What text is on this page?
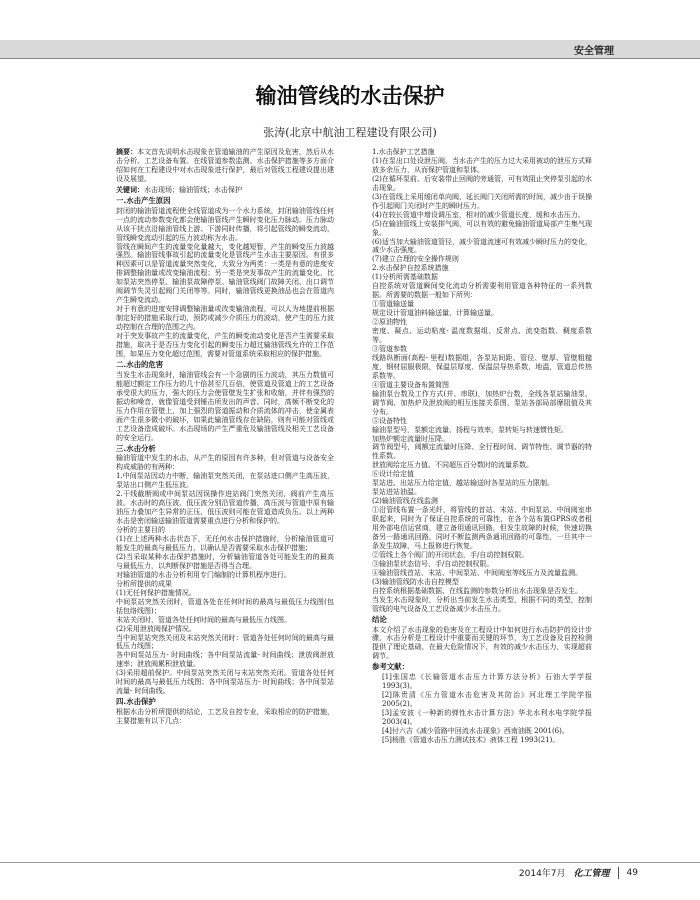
安全管理
输油管线的水击保护
张涛(北京中航油工程建设有限公司)

摘要：本文首先说明水击现象在管道输油的产生原因及危害，然后从水击分析、工艺设备布置、在线管道参数监测、水击保护措施等多方面介绍如何在工程建设中对水击现象进行保护，最后对管线工程建设提出建设及展望。

关键词：水击现场；输油管线；水击保护

一.水击产生原因

封闭的输油管道流程使全线管道成为一个水力系统，封闭输油管线任何一点的流动参数变化都会使输油管线产生瞬时变化压力脉动。压力脉动从该干扰点沿输油管线上游、下游同时传播，将引起管线的瞬变流动，管线瞬变流动引起的压力波动称为水击。

管线在瞬间产生的流量变化量越大，变化越短暂，产生的瞬变压力波越强烈。输油管线事故引起的流量变化是管线产生水击主要原因。有很多种因素可以是管道流量突然变化，大致分为两类：一类是有意的进度安排调整输油量或改变输油流程；另一类是突发事故产生的流量变化，比如泵站突然停泵、输油泵故障停泵、输油管线阀门故障关闭、出口调节阀调节失灵引起阀门关闭等等。同时，输油管线更换油品也会在管道内产生瞬变流动。

对于有意的进度安排调整输油量或改变输油流程，可以人为地提前根据制定好的措施采取行动，预防或减少介质压力的波动，使产生的压力波动控制在合理的范围之内。

对于突发事故产生的流量变化，产生的瞬变流动变化是否产生需要采取措施，取决于是否压力变化引起的瞬变压力超过输油管线允许的工作范围，如果压力变化超过范围，需要对管道系统采取相应的保护措施。

二.水击的危害

当发生水击现象时，输油管线会有一个急剧的压力波动，其压力数值可能超过额定工作压力的几十倍甚至几百倍，使管道及管道上的工艺设备承受很大的压力，强大的压力会使管壁发生扩张和收缩，并伴有强烈的振动和噪音，就像管道受到锤击所发出的声音。同时，高频不断变化的压力作用在管壁上，加上强烈的管道振动和介质流体的冲击，使金属表面产生很多微小的破坏，如果此输油管线存在缺陷，则有可能对管线或工艺设备造成破坏。水击现场的产生严重危及输油管线及相关工艺设备的安全运行。

三.水击分析

输油管道中发生的水击，从产生的原因有许多种，但对管道与设备安全构成威胁的有两种：

1.中间泵站因动力中断，输油泵突然关闭，在泵站进口侧产生高压波，泵站出口侧产生低压波。

2.干线截断阀或中间泵站因误操作进站阀门突然关闭，阀前产生高压波。水击时的高压波、低压波分别沿管道传播，高压波与管道中原有输油压力叠加产生异常的正压，低压波则可能在管道造成负压。以上两种水击是密闭输送输油管道需要重点进行分析和保护的。

分析的主要目的

(1)在上述两种水击状态下，无任何水击保护措施时，分析输油管道可能发生的最高与最低压力，以确认是否需要采取水击保护措施；

(2)当采取某种水击保护措施时，分析输油管道各处可能发生的的最高与最低压力，以判断保护措施是否得当合理。

对输油管道的水击分析利用专门编制的计算机程序进行。

分析所提供的成果

(1)无任何保护措施情况。

中间泵站突然关闭时，管道各处在任何时间的最高与最低压力线图(包括包络线图)；

末站关闭时，管道各处任何时间的最高与最低压力线图。

(2)采用泄放阀保护情况。

当中间泵站突然关闭及末站突然关闭时：管道各处任何时间的最高与最低压力线图；

各中间泵站压力- 时间曲线；各中间泵站流量- 时间曲线；泄放阀泄放速率；泄放阀累积泄放量。

(3)采用超前保护。中间泵站突然关闭与末站突然关闭。管道各处任何时间的最高与最低压力线图；各中间泵站压力- 时间曲线；各中间泵站流量- 时间曲线。

四.水击保护

根据水击分析所提供的结论，工艺及自控专业，采取相应的防护措施，主要措施有以下几点：

1.水击保护工艺措施

(1)在泵出口处设泄压阀，当水击产生的压力过大采用被动的泄压方式释放多余压力，从而保护管道和泵体。

(2)在循环泵前、后安装带止回阀的旁通管，可有效阻止突停泵引起的水击现象。

(3)在管线上采用缓闭单向阀，延长阀门关闭所需的时间，减少由于误操作引起阀门关闭时产生的瞬时压力。

(4)在较长管道中增设调压室，相对的减少管道长度，缓和水击压力。

(5)在输油管线上安装排气阀，可以有效的避免输油管道局部产生集气现象。

(6)适当加大输油管道管径，减少管道流速可有效减少瞬时压力的变化，减少水击强度。

(7)建立合理的安全操作规则

2.水击保护自控系统措施

(1)分析所需基础数据

自控系统对管道瞬间变化流动分析需要利用管道各种特征的一系列数据。所需要的数据一般如下所列：

①管道输送量

规定设计管道油料输送量、计算输送量。

②原油物性

密度、凝点、运动粘度- 温度数据组、反常点、流变指数、稠度系数等。

③管道参数

线路纵断面(高程- 里程)数据组，各泵站间距、管径、壁厚、管壁粗糙度，钢材屈服极限，保温层厚度、保温层导热系数，地温，管道总传热系数等。

④管道主要设备布置简图

输油泵台数及工作方式(并、串联)，加热炉台数，全线各泵站输油泵、调节阀、加热炉及泄放阀的相互连接关系图，泵站各部局部摩阻值及其分布。

⑤设备特性

输油泵型号，泵额定流量、扬程与效率，泵转矩与转速惯性矩。

加热炉额定流量时压降。

调节阀型号，阀额定流量时压降、全行程时间、调节特性、调节器的特性系数。

泄放阀给定压力值、不同超压百分数时的流量系数。

⑥设计给定值

泵站进、出站压力给定值，越站输送时各泵站的压力限制。

泵站进站油温。

(2)输油管线在线监测

①沿管线布置一条光纤，将管线的首站、末站、中间泵站、中间阀室串联起来，同时为了保证自控系统的可靠性，在各个站布置GPRS或者租用外部电信运营商，建立备用通讯回路，但发生故障的时候，快速切换备另一路通讯回路，同时不断监测两条通讯回路的可靠性，一旦其中一条发生故障，马上报修进行恢复。

②管线上各个阀门的开闭状态，手/自动控制权限。

③输油泵状态信号、手/自动控制权限。

④输油管线首站、末站、中间泵站、中间阀室等线压力及流量监测。

(3)输油管线防水击自控模型

自控系统根据基础数据、在线监测的参数分析出水击现象是否发生。

当发生水击现象时，分析出当前发生水击类型，根据不同的类型，控制管线的电气设备及工艺设备减少水击压力。

结论

本文介绍了水击现象的危害及在工程设计中如何进行水击防护的设计步骤，水击分析是工程设计中重要而关键的环节，为工艺设备及自控检测提供了理论基础，在最大危险情况下，有效的减少水击压力，实现超前调节。

参考文献：

[1]张国忠《长输管道水击压力计算方法分析》石油大学学报1993(3)。

[2]陈贵清《压力管道水击危害及其防治》河北理工学院学报 2005(2)。

[3]孟安波《一种新的弹性水击计算方法》华北水利水电学院学报 2003(4)。

[4]付六吉《减少管路中回流水击现象》西南油既 2001(6)。

[5]杨胜《管道水击压力测试技术》液体工程 1993(21)。

2014年7月 化工管理 49
